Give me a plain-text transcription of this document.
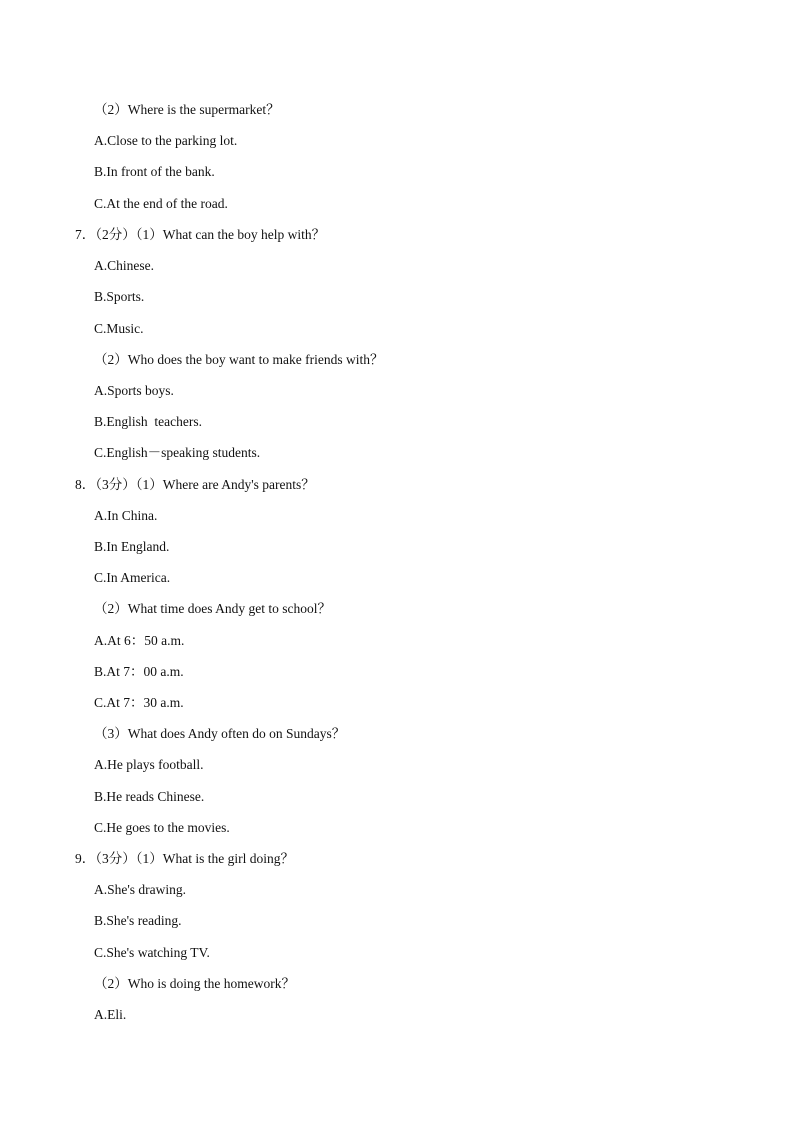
（2）Where is the supermarket？
A.Close to the parking lot.
B.In front of the bank.
C.At the end of the road.
7．（2分）（1）What can the boy help with？
A.Chinese.
B.Sports.
C.Music.
（2）Who does the boy want to make friends with？
A.Sports boys.
B.English  teachers.
C.English－speaking students.
8．（3分）（1）Where are Andy's parents？
A.In China.
B.In England.
C.In America.
（2）What time does Andy get to school？
A.At 6：50 a.m.
B.At 7：00 a.m.
C.At 7：30 a.m.
（3）What does Andy often do on Sundays？
A.He plays football.
B.He reads Chinese.
C.He goes to the movies.
9．（3分）（1）What is the girl doing？
A.She's drawing.
B.She's reading.
C.She's watching TV.
（2）Who is doing the homework？
A.Eli.
